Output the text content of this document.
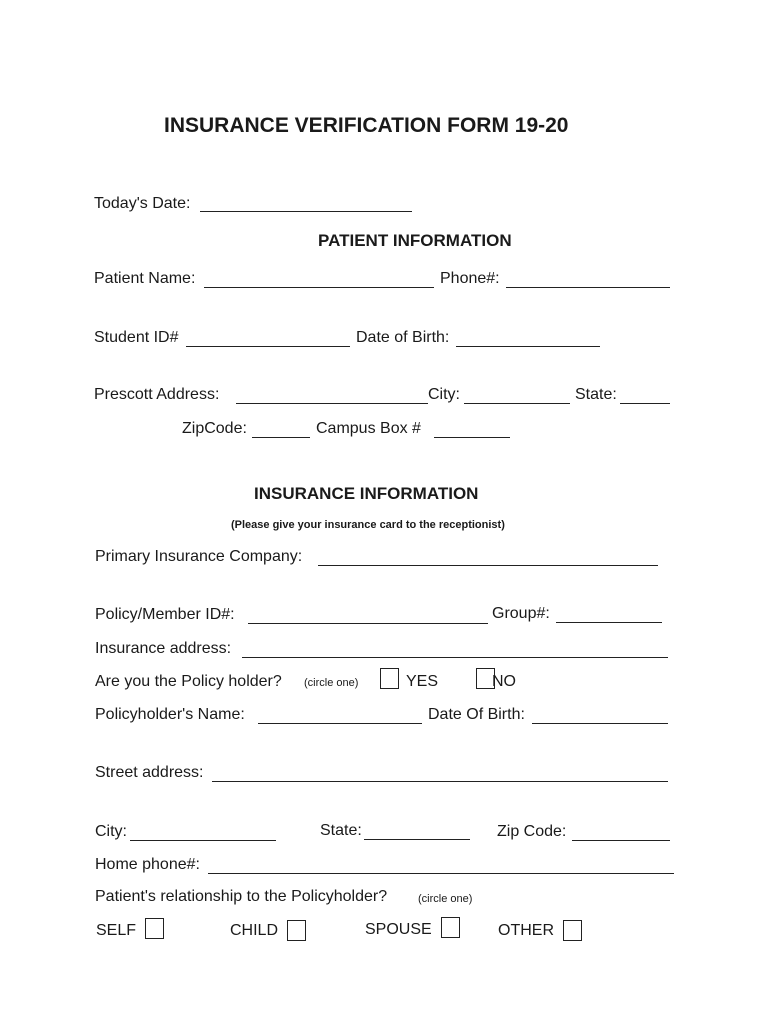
INSURANCE VERIFICATION FORM 19-20
Today's Date:
PATIENT INFORMATION
Patient Name:	Phone#:
Student ID#	Date of Birth:
Prescott Address:	City:	State:
ZipCode:	Campus Box #
INSURANCE INFORMATION
(Please give your insurance card to the receptionist)
Primary Insurance Company:
Policy/Member ID#:	Group#:
Insurance address:
Are you the Policy holder? (circle one)	YES	NO
Policyholder's Name:	Date Of Birth:
Street address:
City:	State:	Zip Code:
Home phone#:
Patient's relationship to the Policyholder?	(circle one)
SELF	CHILD	SPOUSE	OTHER
